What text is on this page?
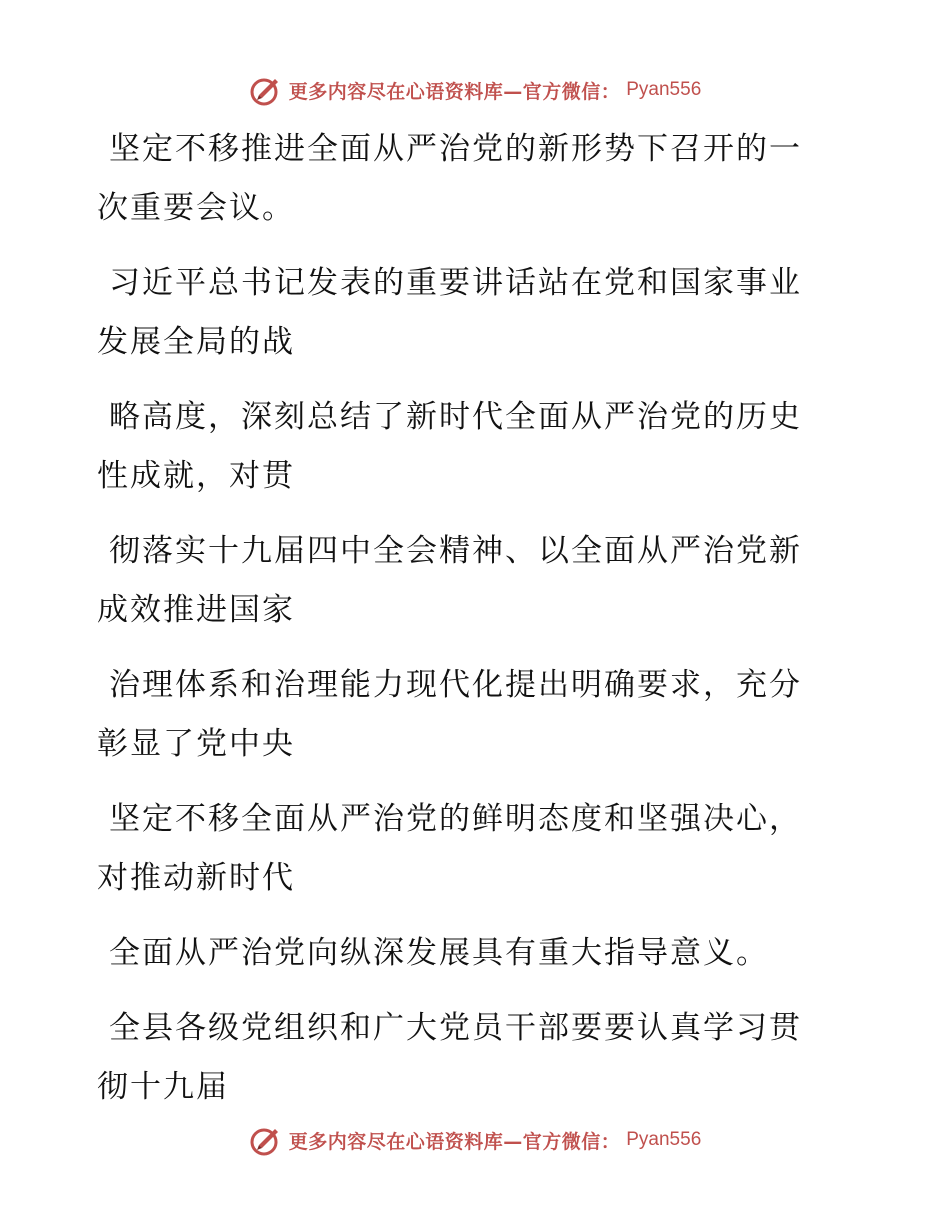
更多内容尽在心语资料库—官方微信： Pyan556

坚定不移推进全面从严治党的新形势下召开的一
次重要会议。

习近平总书记发表的重要讲话站在党和国家事业
发展全局的战

略高度，深刻总结了新时代全面从严治党的历史
性成就，对贯

彻落实十九届四中全会精神、以全面从严治党新
成效推进国家

治理体系和治理能力现代化提出明确要求，充分
彰显了党中央

坚定不移全面从严治党的鲜明态度和坚强决心，
对推动新时代

全面从严治党向纵深发展具有重大指导意义。

全县各级党组织和广大党员干部要要认真学习贯
彻十九届

更多内容尽在心语资料库—官方微信： Pyan556
